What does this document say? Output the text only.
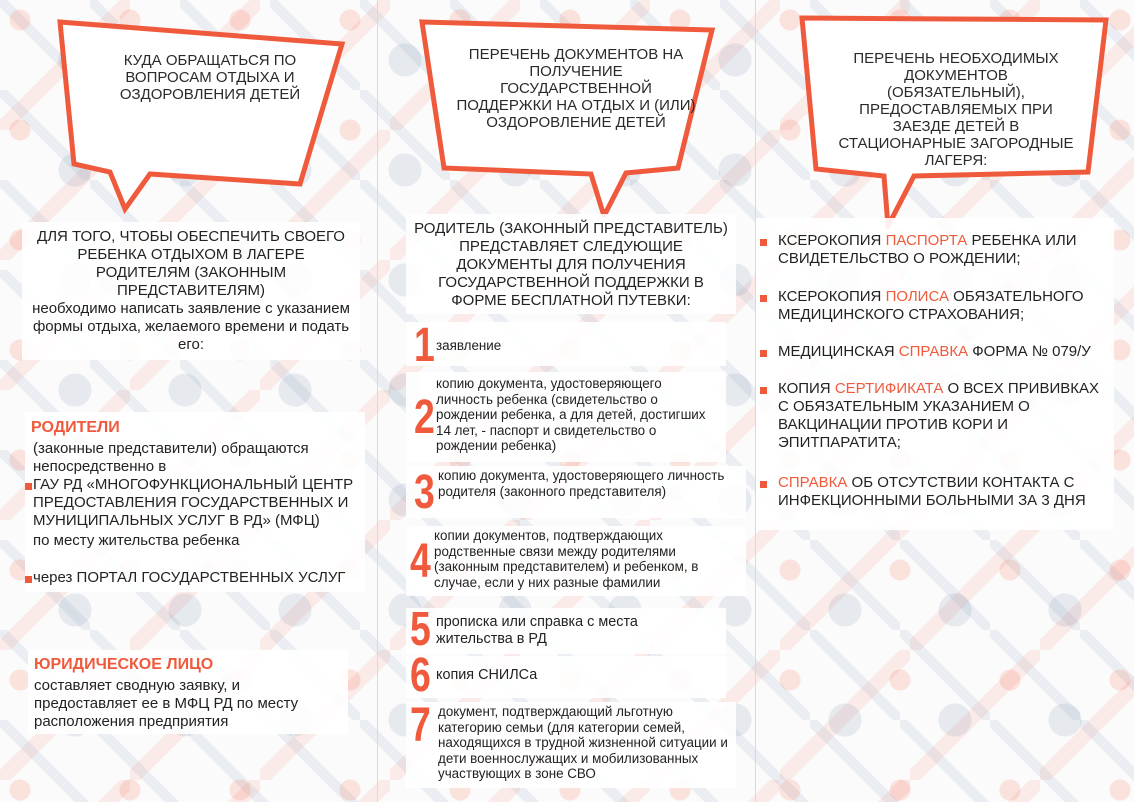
КУДА ОБРАЩАТЬСЯ ПО ВОПРОСАМ ОТДЫХА И ОЗДОРОВЛЕНИЯ ДЕТЕЙ
ДЛЯ ТОГО, ЧТОБЫ ОБЕСПЕЧИТЬ СВОЕГО РЕБЕНКА ОТДЫХОМ В ЛАГЕРЕ РОДИТЕЛЯМ (ЗАКОННЫМ ПРЕДСТАВИТЕЛЯМ)
необходимо написать заявление с указанием формы отдыха, желаемого времени и подать его:
РОДИТЕЛИ
(законные представители) обращаются непосредственно в
ГАУ РД «МНОГОФУНКЦИОНАЛЬНЫЙ ЦЕНТР ПРЕДОСТАВЛЕНИЯ ГОСУДАРСТВЕННЫХ И МУНИЦИПАЛЬНЫХ УСЛУГ В РД» (МФЦ)
по месту жительства ребенка
через ПОРТАЛ ГОСУДАРСТВЕННЫХ УСЛУГ
ЮРИДИЧЕСКОЕ ЛИЦО
составляет сводную заявку, и предоставляет ее в МФЦ РД по месту расположения предприятия
ПЕРЕЧЕНЬ ДОКУМЕНТОВ НА ПОЛУЧЕНИЕ ГОСУДАРСТВЕННОЙ ПОДДЕРЖКИ НА ОТДЫХ И (ИЛИ) ОЗДОРОВЛЕНИЕ ДЕТЕЙ
РОДИТЕЛЬ (ЗАКОННЫЙ ПРЕДСТАВИТЕЛЬ) ПРЕДСТАВЛЯЕТ СЛЕДУЮЩИЕ ДОКУМЕНТЫ ДЛЯ ПОЛУЧЕНИЯ ГОСУДАРСТВЕННОЙ ПОДДЕРЖКИ В ФОРМЕ БЕСПЛАТНОЙ ПУТЕВКИ:
1 заявление
2
копию документа, удостоверяющего личность ребенка (свидетельство о рождении ребенка, а для детей, достигших 14 лет, - паспорт и свидетельство о рождении ребенка)
3 копию документа, удостоверяющего личность родителя (законного представителя)
4 копии документов, подтверждающих родственные связи между родителями (законным представителем) и ребенком, в случае, если у них разные фамилии
5 прописка или справка с места жительства в РД
6 копия СНИЛСа
7 документ, подтверждающий льготную категорию семьи (для категории семей, находящихся в трудной жизненной ситуации и дети военнослужащих и мобилизованных участвующих в зоне СВО
ПЕРЕЧЕНЬ НЕОБХОДИМЫХ ДОКУМЕНТОВ (ОБЯЗАТЕЛЬНЫЙ), ПРЕДОСТАВЛЯЕМЫХ ПРИ ЗАЕЗДЕ ДЕТЕЙ В СТАЦИОНАРНЫЕ ЗАГОРОДНЫЕ ЛАГЕРЯ:
КСЕРОКОПИЯ ПАСПОРТА РЕБЕНКА ИЛИ СВИДЕТЕЛЬСТВО О РОЖДЕНИИ;
КСЕРОКОПИЯ ПОЛИСА ОБЯЗАТЕЛЬНОГО МЕДИЦИНСКОГО СТРАХОВАНИЯ;
МЕДИЦИНСКАЯ СПРАВКА ФОРМА № 079/У
КОПИЯ СЕРТИФИКАТА О ВСЕХ ПРИВИВКАХ С ОБЯЗАТЕЛЬНЫМ УКАЗАНИЕМ О ВАКЦИНАЦИИ ПРОТИВ КОРИ И ЭПИТПАРАТИТА;
СПРАВКА ОБ ОТСУТСТВИИ КОНТАКТА С ИНФЕКЦИОННЫМИ БОЛЬНЫМИ ЗА 3 ДНЯ
